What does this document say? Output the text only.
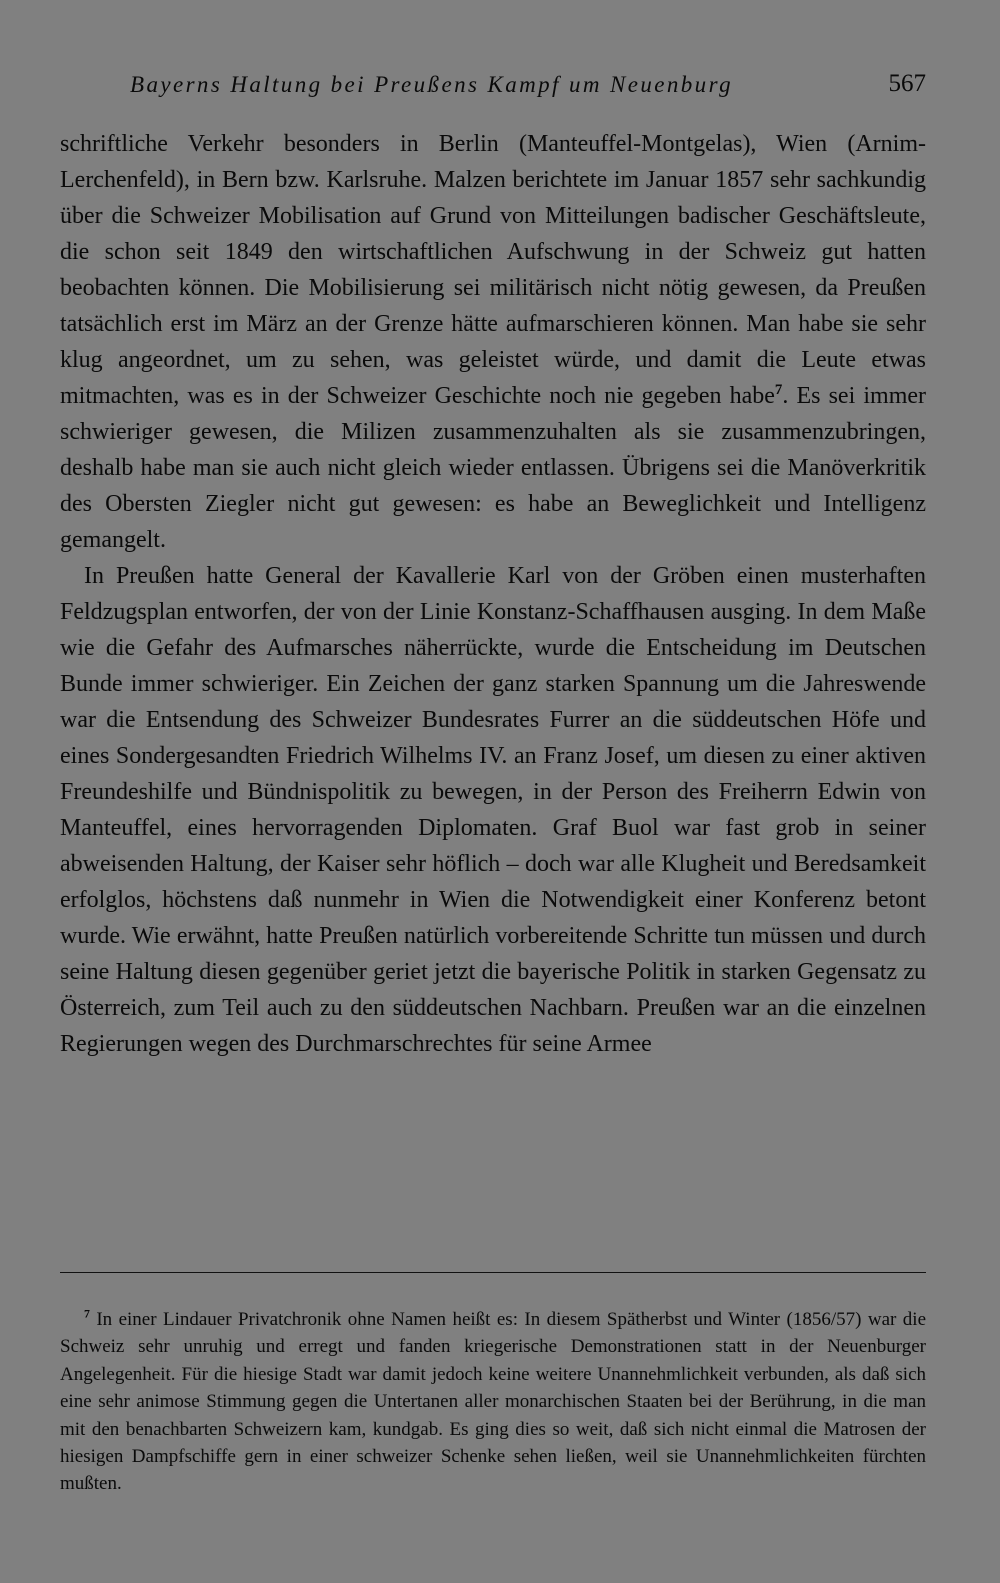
Bayerns Haltung bei Preußens Kampf um Neuenburg	567

schriftliche Verkehr besonders in Berlin (Manteuffel-Montgelas), Wien (Arnim-Lerchenfeld), in Bern bzw. Karlsruhe. Malzen berichtete im Januar 1857 sehr sachkundig über die Schweizer Mobilisation auf Grund von Mitteilungen badischer Geschäftsleute, die schon seit 1849 den wirtschaftlichen Aufschwung in der Schweiz gut hatten beobachten können. Die Mobilisierung sei militärisch nicht nötig gewesen, da Preußen tatsächlich erst im März an der Grenze hätte aufmarschieren können. Man habe sie sehr klug angeordnet, um zu sehen, was geleistet würde, und damit die Leute etwas mitmachten, was es in der Schweizer Geschichte noch nie gegeben habe$^7$. Es sei immer schwieriger gewesen, die Milizen zusammenzuhalten als sie zusammenzubringen, deshalb habe man sie auch nicht gleich wieder entlassen. Übrigens sei die Manöverkritik des Obersten Ziegler nicht gut gewesen: es habe an Beweglichkeit und Intelligenz gemangelt.

In Preußen hatte General der Kavallerie Karl von der Gröben einen musterhaften Feldzugsplan entworfen, der von der Linie Konstanz-Schaffhausen ausging. In dem Maße wie die Gefahr des Aufmarsches näherrückte, wurde die Entscheidung im Deutschen Bunde immer schwieriger. Ein Zeichen der ganz starken Spannung um die Jahreswende war die Entsendung des Schweizer Bundesrates Furrer an die süddeutschen Höfe und eines Sondergesandten Friedrich Wilhelms IV. an Franz Josef, um diesen zu einer aktiven Freundeshilfe und Bündnispolitik zu bewegen, in der Person des Freiherrn Edwin von Manteuffel, eines hervorragenden Diplomaten. Graf Buol war fast grob in seiner abweisenden Haltung, der Kaiser sehr höflich – doch war alle Klugheit und Beredsamkeit erfolglos, höchstens daß nunmehr in Wien die Notwendigkeit einer Konferenz betont wurde. Wie erwähnt, hatte Preußen natürlich vorbereitende Schritte tun müssen und durch seine Haltung diesen gegenüber geriet jetzt die bayerische Politik in starken Gegensatz zu Österreich, zum Teil auch zu den süddeutschen Nachbarn. Preußen war an die einzelnen Regierungen wegen des Durchmarschrechtes für seine Armee

$^7$ In einer Lindauer Privatchronik ohne Namen heißt es: In diesem Spätherbst und Winter (1856/57) war die Schweiz sehr unruhig und erregt und fanden kriegerische Demonstrationen statt in der Neuenburger Angelegenheit. Für die hiesige Stadt war damit jedoch keine weitere Unannehmlichkeit verbunden, als daß sich eine sehr animose Stimmung gegen die Untertanen aller monarchischen Staaten bei der Berührung, in die man mit den benachbarten Schweizern kam, kundgab. Es ging dies so weit, daß sich nicht einmal die Matrosen der hiesigen Dampfschiffe gern in einer schweizer Schenke sehen ließen, weil sie Unannehmlichkeiten fürchten mußten.
